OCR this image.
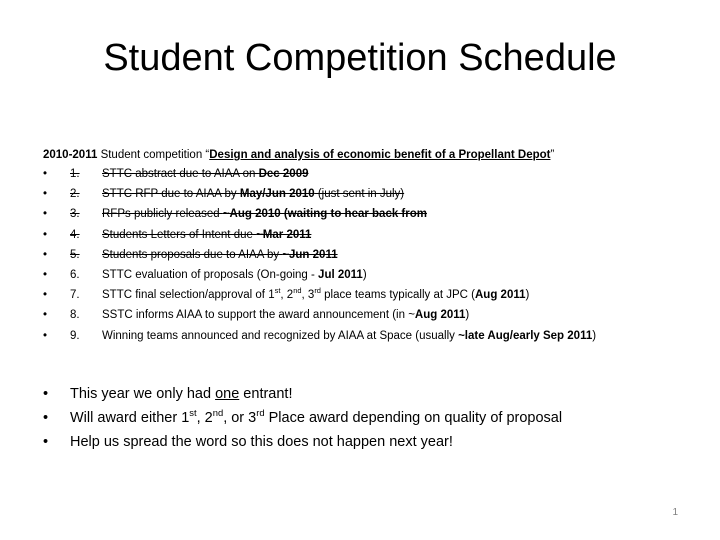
Student Competition Schedule
2010-2011 Student competition “Design and analysis of economic benefit of a Propellant Depot”
• 1. STTC abstract due to AIAA on Dec 2009
• 2. STTC RFP due to AIAA by May/Jun 2010 (just sent in July)
• 3. RFPs publicly released ~Aug 2010 (waiting to hear back from
• 4. Students Letters of Intent due ~Mar 2011
• 5. Students proposals due to AIAA by ~Jun 2011
• 6. STTC evaluation of proposals (On-going - Jul 2011)
• 7. STTC final selection/approval of 1st, 2nd, 3rd place teams typically at JPC (Aug 2011)
• 8. SSTC informs AIAA to support the award announcement (in ~Aug 2011)
• 9. Winning teams announced and recognized by AIAA at Space (usually ~late Aug/early Sep 2011)
• This year we only had one entrant!
• Will award either 1st, 2nd, or 3rd Place award depending on quality of proposal
• Help us spread the word so this does not happen next year!
1
